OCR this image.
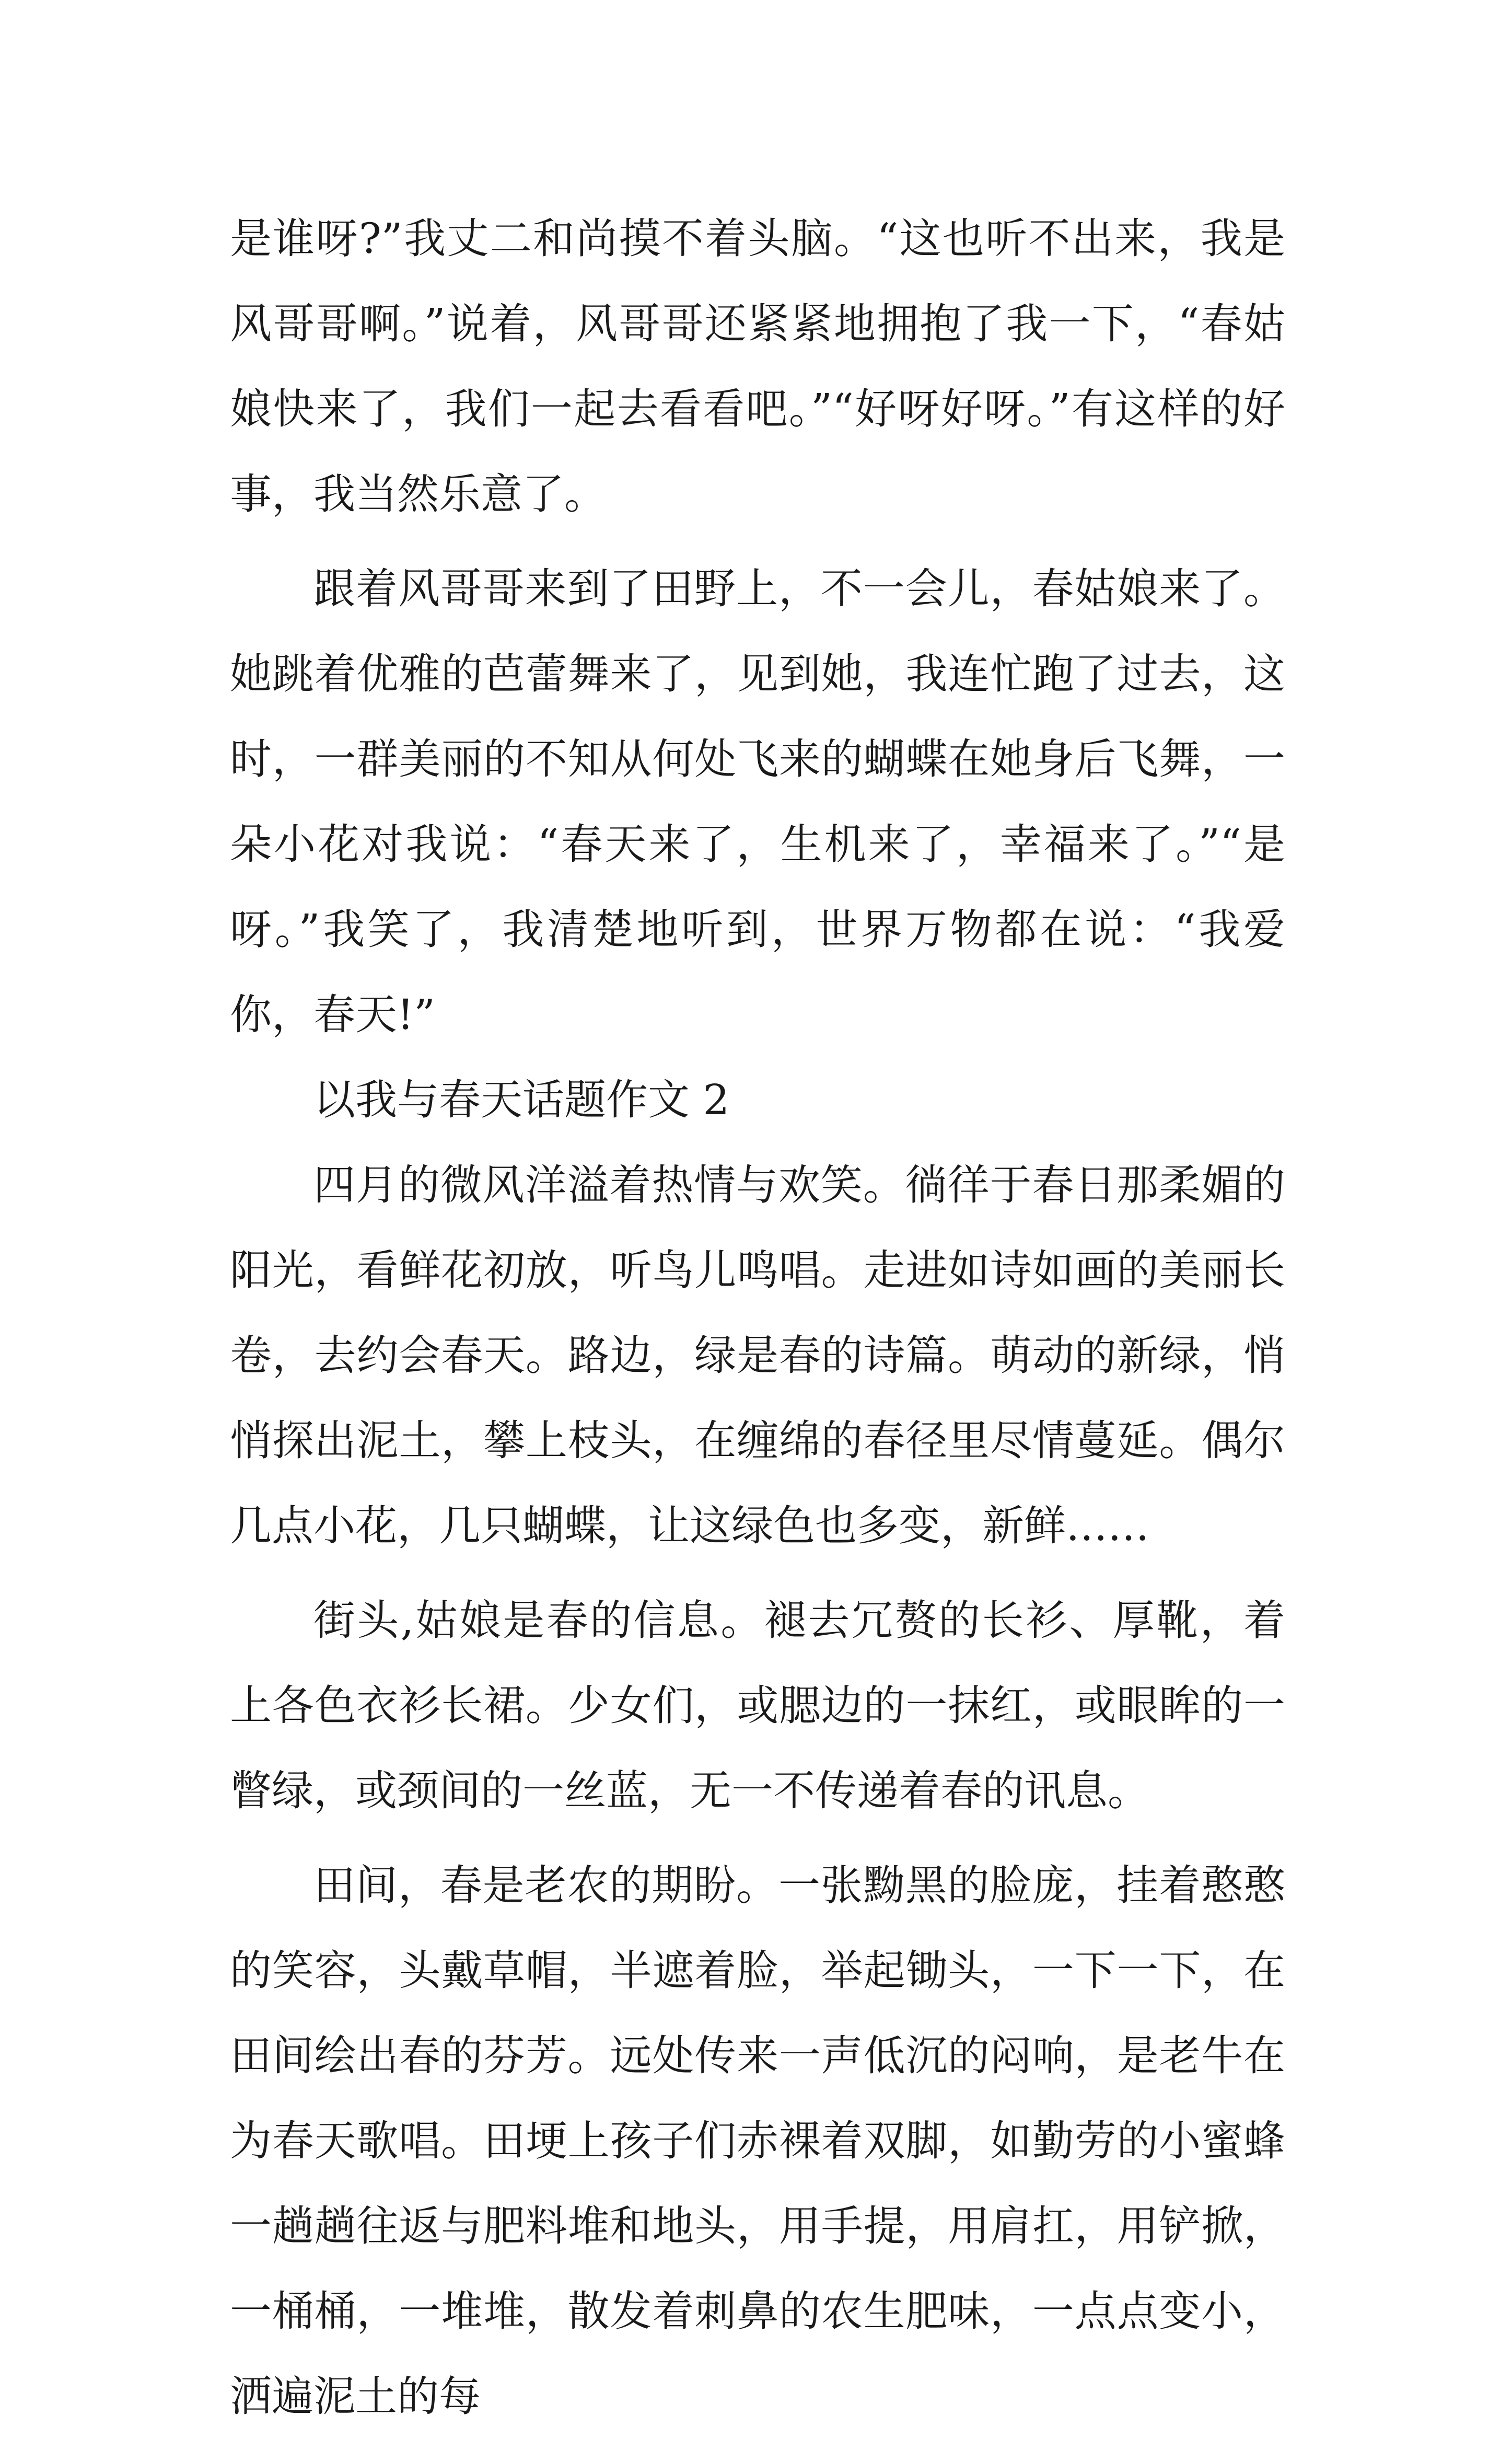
是谁呀?”我丈二和尚摸不着头脑。“这也听不出来，我是风哥哥啊。”说着，风哥哥还紧紧地拥抱了我一下，“春姑娘快来了，我们一起去看看吧。”“好呀好呀。”有这样的好事，我当然乐意了。

跟着风哥哥来到了田野上，不一会儿，春姑娘来了。她跳着优雅的芭蕾舞来了，见到她，我连忙跑了过去，这时，一群美丽的不知从何处飞来的蝴蝶在她身后飞舞，一朵小花对我说：“春天来了，生机来了，幸福来了。”“是呀。”我笑了，我清楚地听到，世界万物都在说：“我爱你，春天!”

以我与春天话题作文 2

四月的微风洋溢着热情与欢笑。徜徉于春日那柔媚的阳光，看鲜花初放，听鸟儿鸣唱。走进如诗如画的美丽长卷，去约会春天。路边，绿是春的诗篇。萌动的新绿，悄悄探出泥土，攀上枝头，在缠绵的春径里尽情蔓延。偶尔几点小花，几只蝴蝶，让这绿色也多变，新鲜……

街头,姑娘是春的信息。褪去冗赘的长衫、厚靴，着上各色衣衫长裙。少女们，或腮边的一抹红，或眼眸的一瞥绿，或颈间的一丝蓝，无一不传递着春的讯息。

田间，春是老农的期盼。一张黝黑的脸庞，挂着憨憨的笑容，头戴草帽，半遮着脸，举起锄头，一下一下，在田间绘出春的芬芳。远处传来一声低沉的闷响，是老牛在为春天歌唱。田埂上孩子们赤裸着双脚，如勤劳的小蜜蜂一趟趟往返与肥料堆和地头，用手提，用肩扛，用铲掀，一桶桶，一堆堆，散发着刺鼻的农生肥味，一点点变小，洒遍泥土的每
